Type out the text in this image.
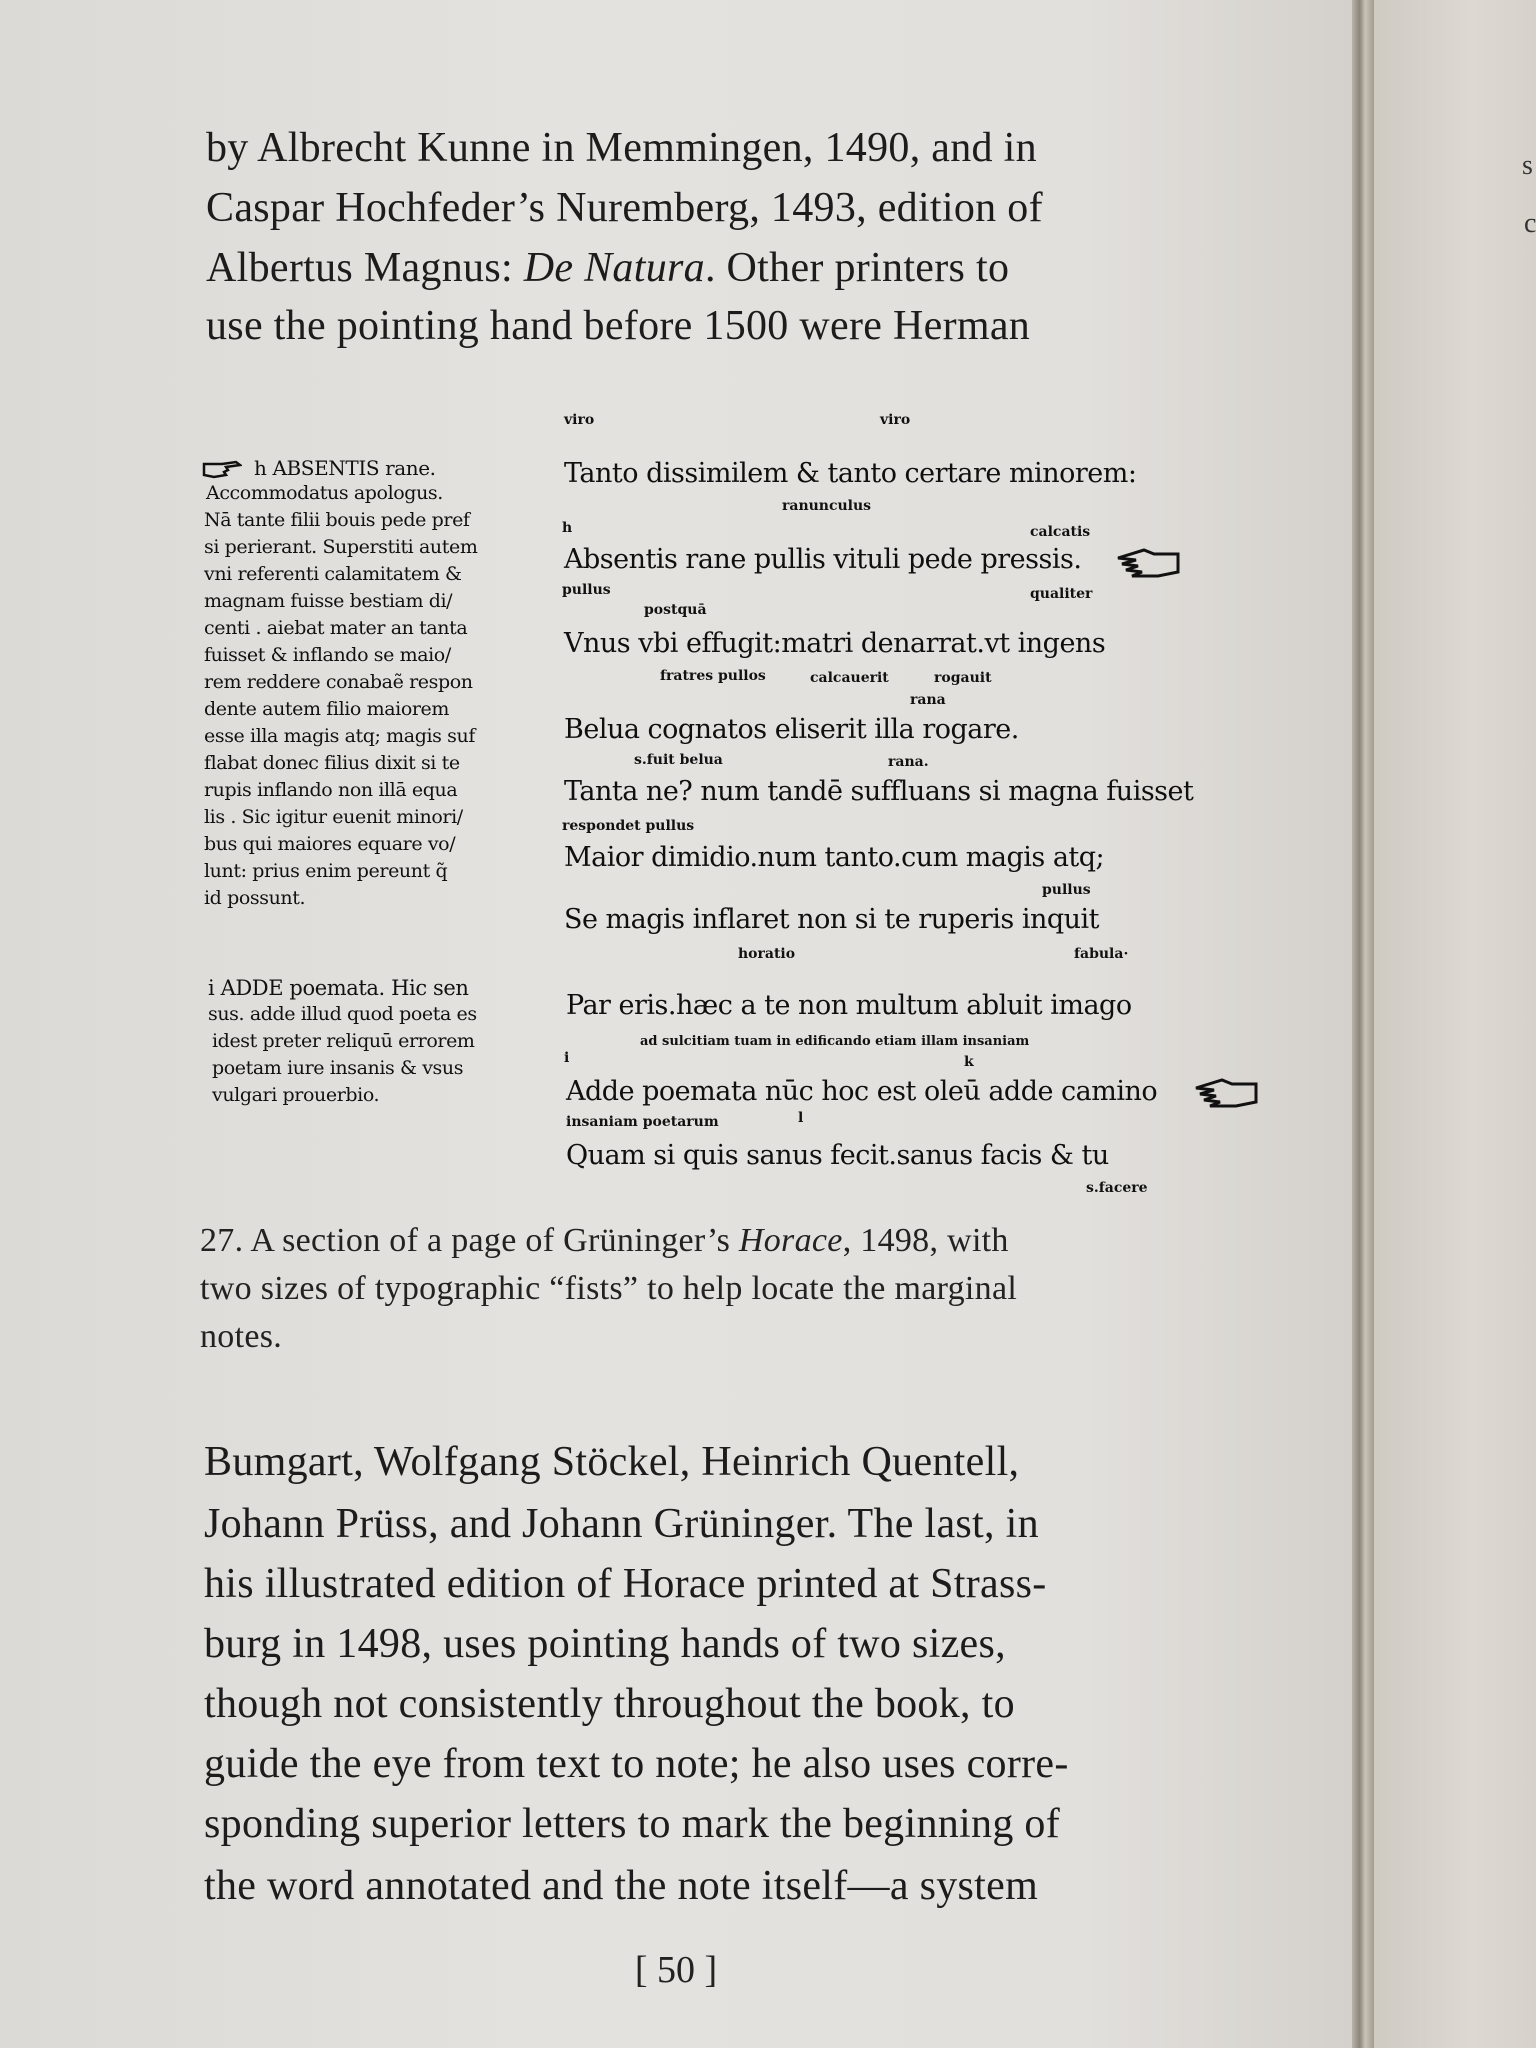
by Albrecht Kunne in Memmingen, 1490, and in
Caspar Hochfeder’s Nuremberg, 1493, edition of
Albertus Magnus: De Natura. Other printers to
use the pointing hand before 1500 were Herman
h ABSENTIS rane.
Accommodatus apologus.
Nā tante filii bouis pede pref
si perierant. Superstiti autem
vni referenti calamitatem &
magnam fuisse bestiam di/
centi . aiebat mater an tanta
fuisset & inflando se maio/
rem reddere conabaẽ respon
dente autem filio maiorem
esse illa magis atq; magis suf
flabat donec filius dixit si te
rupis inflando non illā equa
lis . Sic igitur euenit minori/
bus qui maiores equare vo/
lunt: prius enim pereunt q̃
id possunt.
i ADDE poemata. Hic sen
sus. adde illud quod poeta es
idest preter reliquū errorem
poetam iure insanis & vsus
vulgari prouerbio.
viro	viro
ranunculus
h	calcatis
pullus	qualiter
postquā
fratres pullos	calcauerit	rogauit
rana
s.fuit belua	rana.
respondet pullus
pullus
horatio	fabula·
ad sulcitiam tuam in edificando etiam illam insaniam
i	k
insaniam poetarum	l
s.facere
Tanto dissimilem & tanto certare minorem:
Absentis rane pullis vituli pede pressis.
Vnus vbi effugit:matri denarrat.vt ingens
Belua cognatos eliserit illa rogare.
Tanta ne? num tandē suffluans si magna fuisset
Maior dimidio.num tanto.cum magis atq;
Se magis inflaret non si te ruperis inquit
Par eris.hæc a te non multum abluit imago
Adde poemata nūc hoc est oleū adde camino
Quam si quis sanus fecit.sanus facis & tu
27. A section of a page of Grüninger’s Horace, 1498, with
two sizes of typographic “fists” to help locate the marginal
notes.
Bumgart, Wolfgang Stöckel, Heinrich Quentell,
Johann Prüss, and Johann Grüninger. The last, in
his illustrated edition of Horace printed at Strass-
burg in 1498, uses pointing hands of two sizes,
though not consistently throughout the book, to
guide the eye from text to note; he also uses corre-
sponding superior letters to mark the beginning of
the word annotated and the note itself—a system
[ 50 ]
s
c
